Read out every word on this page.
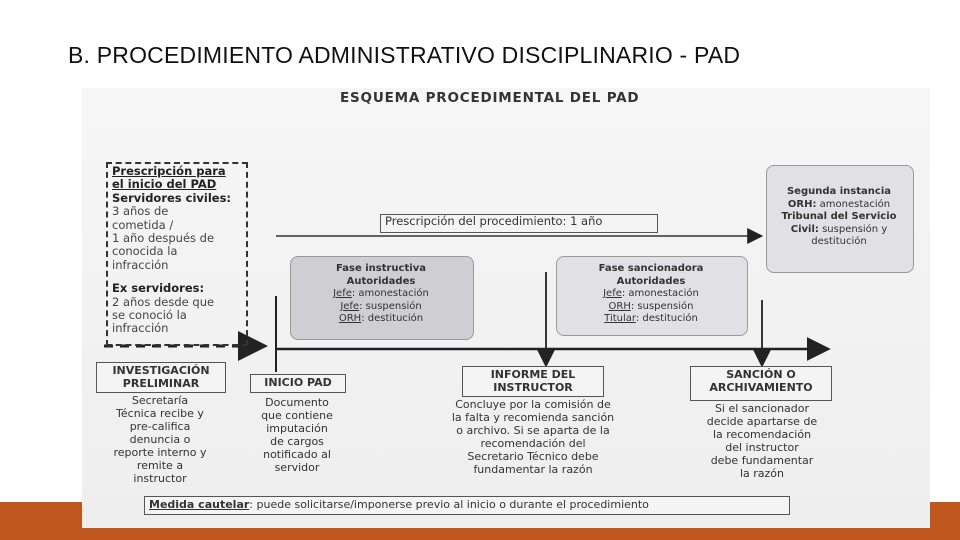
B. PROCEDIMIENTO ADMINISTRATIVO DISCIPLINARIO - PAD
ESQUEMA PROCEDIMENTAL DEL PAD
Prescripción para el inicio del PAD
Servidores civiles:
3 años de
cometida /
1 año después de
conocida la
infracción
Ex servidores:
2 años desde que
se conoció la
infracción
Prescripción del procedimiento: 1 año
Segunda instancia
ORH: amonestación
Tribunal del Servicio
Civil: suspensión y
destitución
Fase instructiva
Autoridades
Jefe: amonestación
Jefe: suspensión
ORH: destitución
Fase sancionadora
Autoridades
Jefe: amonestación
ORH: suspensión
Titular: destitución
INVESTIGACIÓN PRELIMINAR
Secretaría
Técnica recibe y
pre-califica
denuncia o
reporte interno y
remite a
instructor
INICIO PAD
Documento
que contiene
imputación
de cargos
notificado al
servidor
INFORME DEL INSTRUCTOR
Concluye por la comisión de
la falta y recomienda sanción
o archivo. Si se aparta de la
recomendación del
Secretario Técnico debe
fundamentar la razón
SANCIÓN O ARCHIVAMIENTO
Si el sancionador
decide apartarse de
la recomendación
del instructor
debe fundamentar
la razón
Medida cautelar: puede solicitarse/imponerse previo al inicio o durante el procedimiento
